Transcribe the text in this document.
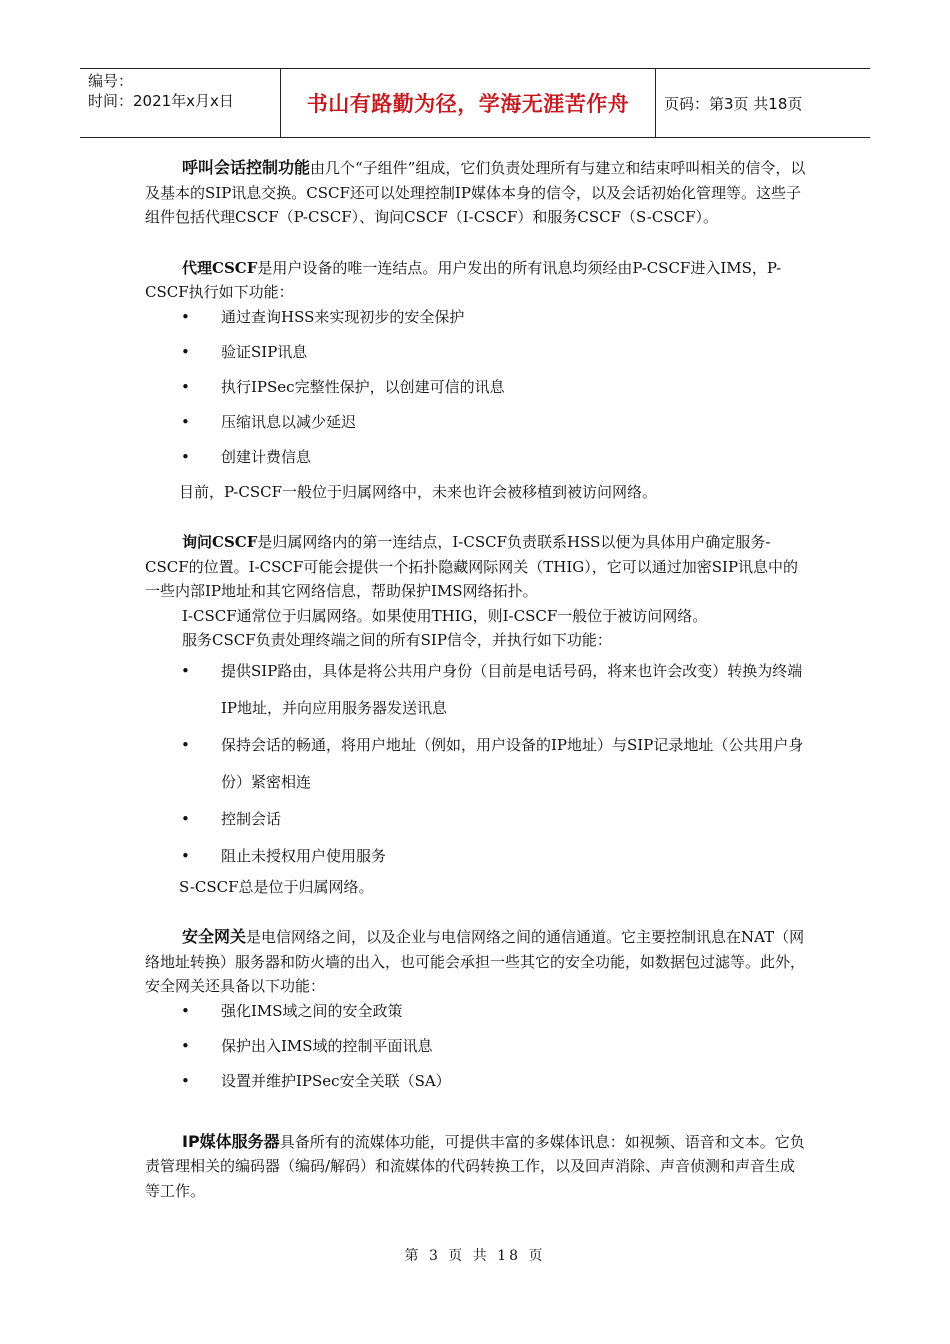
编号：
时间：2021年x月x日	书山有路勤为径，学海无涯苦作舟	页码：第3页 共18页

呼叫会话控制功能由几个“子组件”组成，它们负责处理所有与建立和结束呼叫相关的信令，以及基本的SIP讯息交换。CSCF还可以处理控制IP媒体本身的信令，以及会话初始化管理等。这些子组件包括代理CSCF（P-CSCF）、询问CSCF（I-CSCF）和服务CSCF（S-CSCF）。

代理CSCF是用户设备的唯一连结点。用户发出的所有讯息均须经由P-CSCF进入IMS，P-CSCF执行如下功能：

• 通过查询HSS来实现初步的安全保护
• 验证SIP讯息
• 执行IPSec完整性保护，以创建可信的讯息
• 压缩讯息以减少延迟
• 创建计费信息

目前，P-CSCF一般位于归属网络中，未来也许会被移植到被访问网络。

询问CSCF是归属网络内的第一连结点，I-CSCF负责联系HSS以便为具体用户确定服务-CSCF的位置。I-CSCF可能会提供一个拓扑隐藏网际网关（THIG），它可以通过加密SIP讯息中的一些内部IP地址和其它网络信息，帮助保护IMS网络拓扑。

I-CSCF通常位于归属网络。如果使用THIG，则I-CSCF一般位于被访问网络。

服务CSCF负责处理终端之间的所有SIP信令，并执行如下功能：

• 提供SIP路由，具体是将公共用户身份（目前是电话号码，将来也许会改变）转换为终端IP地址，并向应用服务器发送讯息
• 保持会话的畅通，将用户地址（例如，用户设备的IP地址）与SIP记录地址（公共用户身份）紧密相连
• 控制会话
• 阻止未授权用户使用服务

S-CSCF总是位于归属网络。

安全网关是电信网络之间，以及企业与电信网络之间的通信通道。它主要控制讯息在NAT（网络地址转换）服务器和防火墙的出入，也可能会承担一些其它的安全功能，如数据包过滤等。此外，安全网关还具备以下功能：

• 强化IMS域之间的安全政策
• 保护出入IMS域的控制平面讯息
• 设置并维护IPSec安全关联（SA）

IP媒体服务器具备所有的流媒体功能，可提供丰富的多媒体讯息：如视频、语音和文本。它负责管理相关的编码器（编码/解码）和流媒体的代码转换工作，以及回声消除、声音侦测和声音生成等工作。

第 3 页 共 18 页
